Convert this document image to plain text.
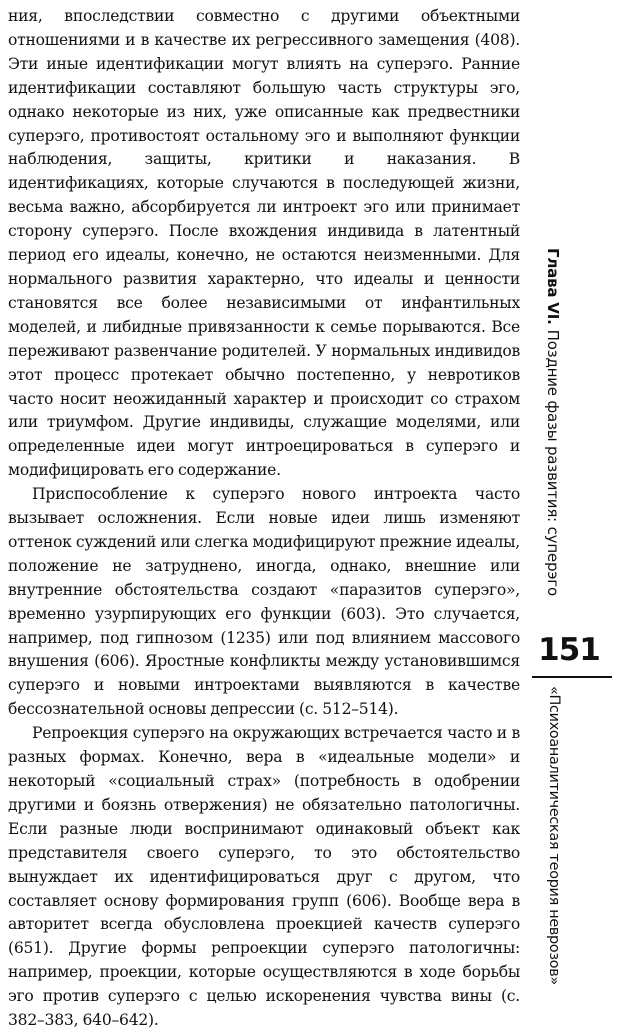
ния, впоследствии совместно с другими объектными отношениями и в качестве их регрессивного замещения (408). Эти иные идентификации могут влиять на суперэго. Ранние идентификации составляют большую часть структуры эго, однако некоторые из них, уже описанные как предвестники суперэго, противостоят остальному эго и выполняют функции наблюдения, защиты, критики и наказания. В идентификациях, которые случаются в последующей жизни, весьма важно, абсорбируется ли интроект эго или принимает сторону суперэго. После вхождения индивида в латентный период его идеалы, конечно, не остаются неизменными. Для нормального развития характерно, что идеалы и ценности становятся все более независимыми от инфантильных моделей, и либидные привязанности к семье порываются. Все переживают развенчание родителей. У нормальных индивидов этот процесс протекает обычно постепенно, у невротиков часто носит неожиданный характер и происходит со страхом или триумфом. Другие индивиды, служащие моделями, или определенные идеи могут интроецироваться в суперэго и модифицировать его содержание.

Приспособление к суперэго нового интроекта часто вызывает осложнения. Если новые идеи лишь изменяют оттенок суждений или слегка модифицируют прежние идеалы, положение не затруднено, иногда, однако, внешние или внутренние обстоятельства создают «паразитов суперэго», временно узурпирующих его функции (603). Это случается, например, под гипнозом (1235) или под влиянием массового внушения (606). Яростные конфликты между установившимся суперэго и новыми интроектами выявляются в качестве бессознательной основы депрессии (с. 512–514).

Репроекция суперэго на окружающих встречается часто и в разных формах. Конечно, вера в «идеальные модели» и некоторый «социальный страх» (потребность в одобрении другими и боязнь отвержения) не обязательно патологичны. Если разные люди воспринимают одинаковый объект как представителя своего суперэго, то это обстоятельство вынуждает их идентифицироваться друг с другом, что составляет основу формирования групп (606). Вообще вера в авторитет всегда обусловлена проекцией качеств суперэго (651). Другие формы репроекции суперэго патологичны: например, проекции, которые осуществляются в ходе борьбы эго против суперэго с целью искоренения чувства вины (с. 382–383, 640–642).

Глава VI. Поздние фазы развития: суперэго
151
«Психоаналитическая теория неврозов»
